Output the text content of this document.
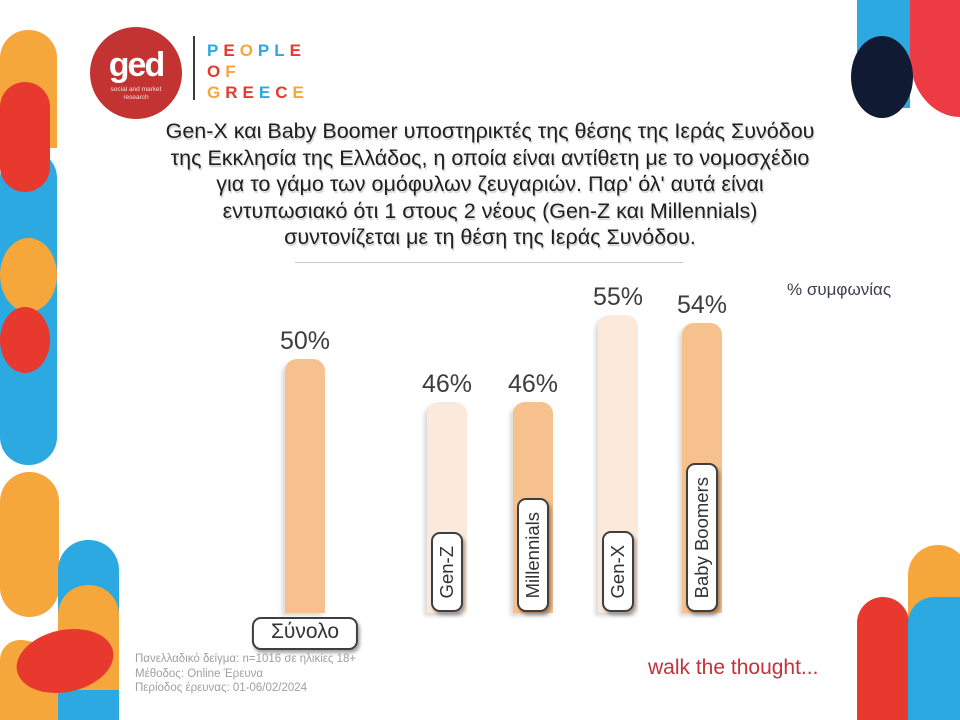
ged
social and market
research
PEOPLE
OF
GREECE
Gen-X και Baby Boomer υποστηρικτές της θέσης της Ιεράς Συνόδου
της Εκκλησία της Ελλάδος, η οποία είναι αντίθετη με το νομοσχέδιο
για το γάμο των ομόφυλων ζευγαριών. Παρ' όλ' αυτά είναι
εντυπωσιακό ότι 1 στους 2 νέους (Gen-Z και Millennials)
συντονίζεται με τη θέση της Ιεράς Συνόδου.
% συμφωνίας
50%
Σύνολο
46%
Gen-Z
46%
Millennials
55%
Gen-X
54%
Baby Boomers
Πανελλαδικό δείγμα: n=1016 σε ηλικίες 18+
Μέθοδος: Online Έρευνα
Περίοδος έρευνας: 01-06/02/2024
walk the thought...
